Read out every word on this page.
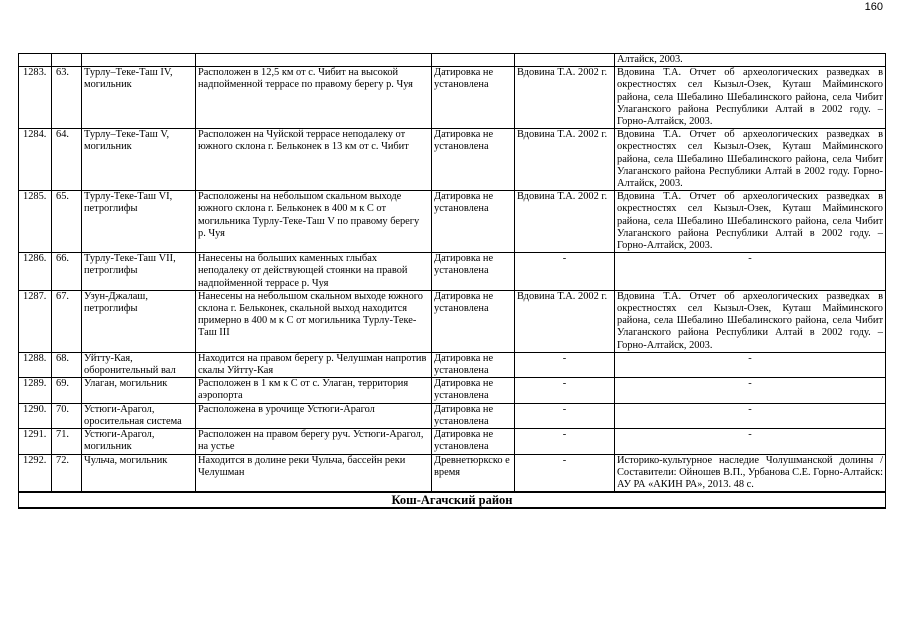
160
						Алтайск, 2003.
1283.	63.	Турлу–Теке-Таш IV, могильник	Расположен в 12,5 км от с. Чибит на высокой надпойменной террасе по правому берегу р. Чуя	Датировка не установлена	Вдовина Т.А. 2002 г.	Вдовина Т.А. Отчет об археологических разведках в окрестностях сел Кызыл-Озек, Куташ Майминского района, села Шебалино Шебалинского района, села Чибит Улаганского района Республики Алтай в 2002 году. – Горно-Алтайск, 2003.
1284.	64.	Турлу–Теке-Таш V, могильник	Расположен на Чуйской террасе неподалеку от южного склона г. Бельконек в 13 км от с. Чибит	Датировка не установлена	Вдовина Т.А. 2002 г.	Вдовина Т.А. Отчет об археологических разведках в окрестностях сел Кызыл-Озек, Куташ Майминского района, села Шебалино Шебалинского района, села Чибит Улаганского района Республики Алтай в 2002 году. Горно-Алтайск, 2003.
1285.	65.	Турлу-Теке-Таш VI, петроглифы	Расположены на небольшом скальном выходе южного склона г. Бельконек в 400 м к С от могильника Турлу-Теке-Таш V по правому берегу р. Чуя	Датировка не установлена	Вдовина Т.А. 2002 г.	Вдовина Т.А. Отчет об археологических разведках в окрестностях сел Кызыл-Озек, Куташ Майминского района, села Шебалино Шебалинского района, села Чибит Улаганского района Республики Алтай в 2002 году. – Горно-Алтайск, 2003.
1286.	66.	Турлу-Теке-Таш VII, петроглифы	Нанесены на больших каменных глыбах неподалеку от действующей стоянки на правой надпойменной террасе р. Чуя	Датировка не установлена	-	-
1287.	67.	Узун-Джалаш, петроглифы	Нанесены на небольшом скальном выходе южного склона г. Бельконек, скальной выход находится примерно в 400 м к С от могильника Турлу-Теке-Таш III	Датировка не установлена	Вдовина Т.А. 2002 г.	Вдовина Т.А. Отчет об археологических разведках в окрестностях сел Кызыл-Озек, Куташ Майминского района, села Шебалино Шебалинского района, села Чибит Улаганского района Республики Алтай в 2002 году. – Горно-Алтайск, 2003.
1288.	68.	Уйтту-Кая, оборонительный вал	Находится на правом берегу р. Челушман напротив скалы Уйтту-Кая	Датировка не установлена	-	-
1289.	69.	Улаган, могильник	Расположен в 1 км к С от с. Улаган, территория аэропорта	Датировка не установлена	-	-
1290.	70.	Устюги-Арагол, оросительная система	Расположена в урочище Устюги-Арагол	Датировка не установлена	-	-
1291.	71.	Устюги-Арагол, могильник	Расположен на правом берегу руч. Устюги-Арагол, на устье	Датировка не установлена	-	-
1292.	72.	Чульча, могильник	Находится в долине реки Чульча, бассейн реки Челушман	Древнетюркско е время	-	Историко-культурное наследие Чолушманской долины / Составители: Ойношев В.П., Урбанова С.Е. Горно-Алтайск: АУ РА «АКИН РА», 2013. 48 с.
Кош-Агачский район						
